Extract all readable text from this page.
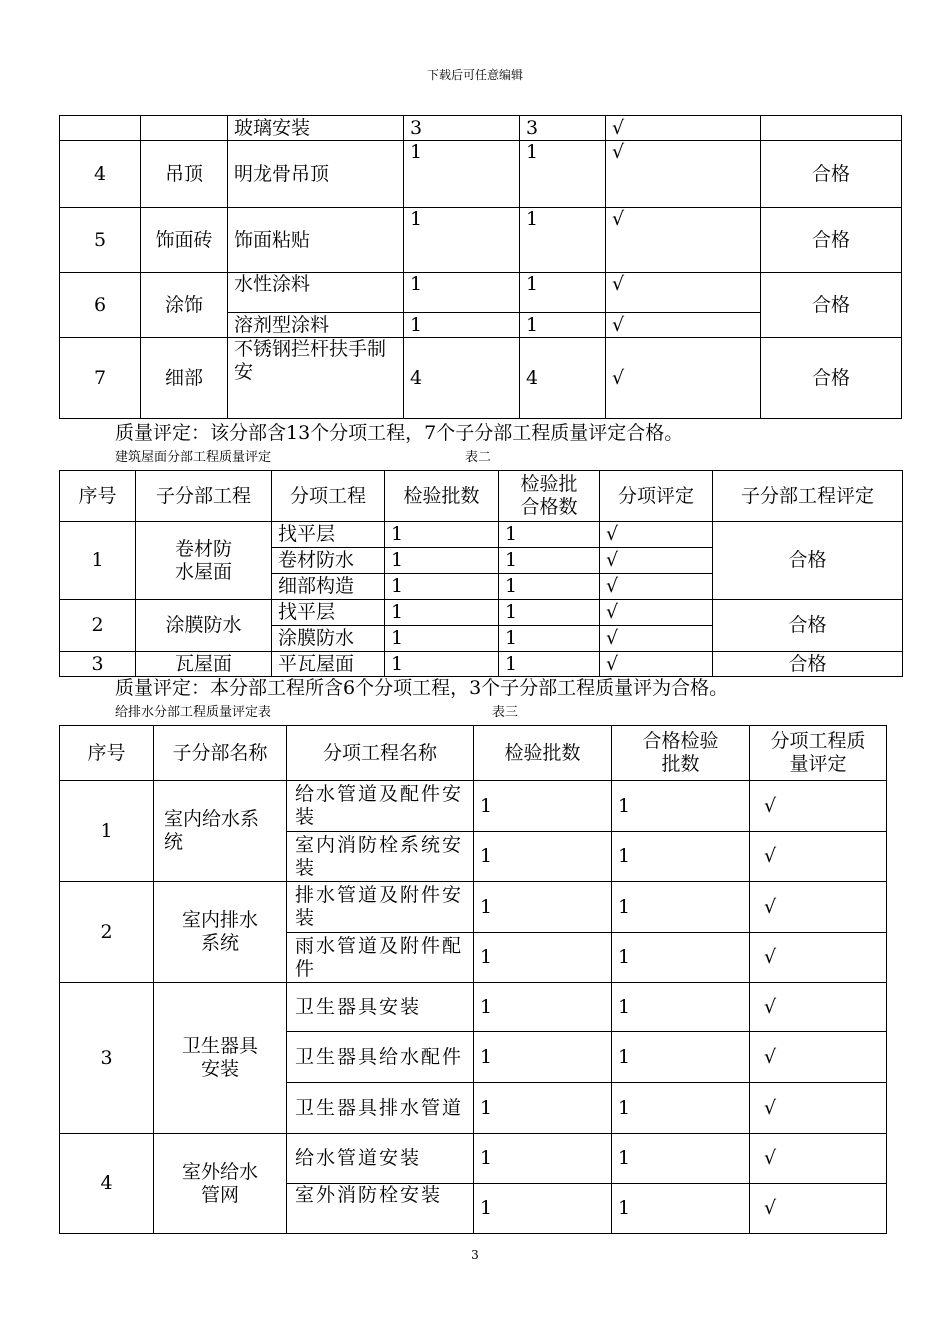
下载后可任意编辑
		玻璃安装	3	3	√	
4	吊顶	明龙骨吊顶	1	1	√	合格
5	饰面砖	饰面粘贴	1	1	√	合格
6	涂饰	水性涂料	1	1	√	合格
		溶剂型涂料	1	1	√	
7	细部	不锈钢拦杆扶手制安	4	4	√	合格
质量评定：该分部含13个分项工程，7个子分部工程质量评定合格。
建筑屋面分部工程质量评定	表二
序号	子分部工程	分项工程	检验批数	检验批合格数	分项评定	子分部工程评定
1	卷材防水屋面	找平层	1	1	√	合格
		卷材防水	1	1	√	
		细部构造	1	1	√	
2	涂膜防水	找平层	1	1	√	合格
		涂膜防水	1	1	√	
3	瓦屋面	平瓦屋面	1	1	√	合格
质量评定：本分部工程所含6个分项工程，3个子分部工程质量评为合格。
给排水分部工程质量评定表	表三
序号	子分部名称	分项工程名称	检验批数	合格检验批数	分项工程质量评定
1	室内给水系统	给水管道及配件安装	1	1	√
		室内消防栓系统安装	1	1	√
2	室内排水系统	排水管道及附件安装	1	1	√
		雨水管道及附件配件	1	1	√
3	卫生器具安装	卫生器具安装	1	1	√
		卫生器具给水配件	1	1	√
		卫生器具排水管道	1	1	√
4	室外给水管网	给水管道安装	1	1	√
		室外消防栓安装	1	1	√
3
